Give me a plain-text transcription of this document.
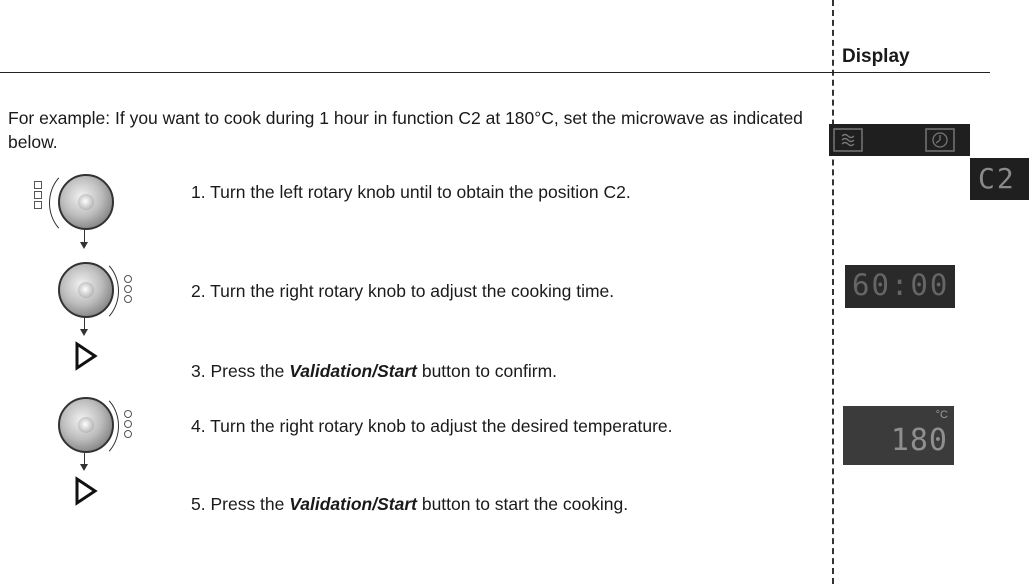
Display
For example: If you want to cook during 1 hour in function C2 at 180°C, set the microwave as indicated below.
1. Turn the left rotary knob until to obtain the position C2.
2. Turn the right rotary knob to adjust the cooking time.
3. Press the Validation/Start button to confirm.
4. Turn the right rotary knob to adjust the desired temperature.
5. Press the Validation/Start button to start the cooking.
C2
60:00
°C
180
